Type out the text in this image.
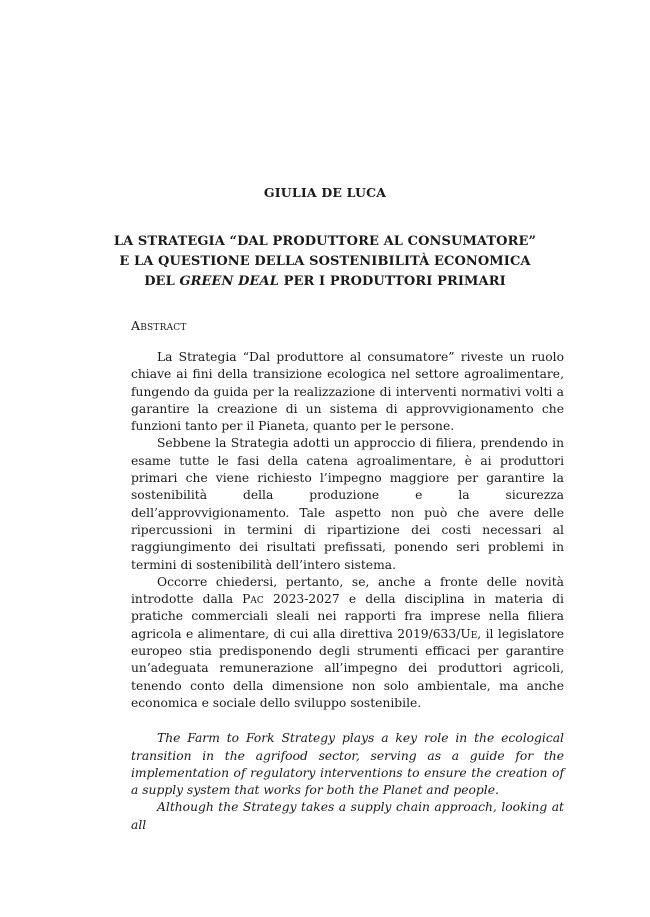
GIULIA DE LUCA
LA STRATEGIA “DAL PRODUTTORE AL CONSUMATORE”
E LA QUESTIONE DELLA SOSTENIBILITÀ ECONOMICA
DEL GREEN DEAL PER I PRODUTTORI PRIMARI
Abstract

La Strategia “Dal produttore al consumatore” riveste un ruolo chiave ai fini della transizione ecologica nel settore agroalimentare, fungendo da guida per la realizzazione di interventi normativi volti a garantire la creazione di un sistema di approvvigionamento che funzioni tanto per il Pianeta, quanto per le persone.

Sebbene la Strategia adotti un approccio di filiera, prendendo in esame tutte le fasi della catena agroalimentare, è ai produttori primari che viene richiesto l’impegno maggiore per garantire la sostenibilità della produzione e la sicurezza dell’approvvigionamento. Tale aspetto non può che avere delle ripercussioni in termini di ripartizione dei costi necessari al raggiungimento dei risultati prefissati, ponendo seri problemi in termini di sostenibilità dell’intero sistema.

Occorre chiedersi, pertanto, se, anche a fronte delle novità introdotte dalla Pac 2023-2027 e della disciplina in materia di pratiche commerciali sleali nei rapporti fra imprese nella filiera agricola e alimentare, di cui alla direttiva 2019/633/Ue, il legislatore europeo stia predisponendo degli strumenti efficaci per garantire un’adeguata remunerazione all’impegno dei produttori agricoli, tenendo conto della dimensione non solo ambientale, ma anche economica e sociale dello sviluppo sostenibile.

The Farm to Fork Strategy plays a key role in the ecological transition in the agrifood sector, serving as a guide for the implementation of regulatory interventions to ensure the creation of a supply system that works for both the Planet and people.

Although the Strategy takes a supply chain approach, looking at all
